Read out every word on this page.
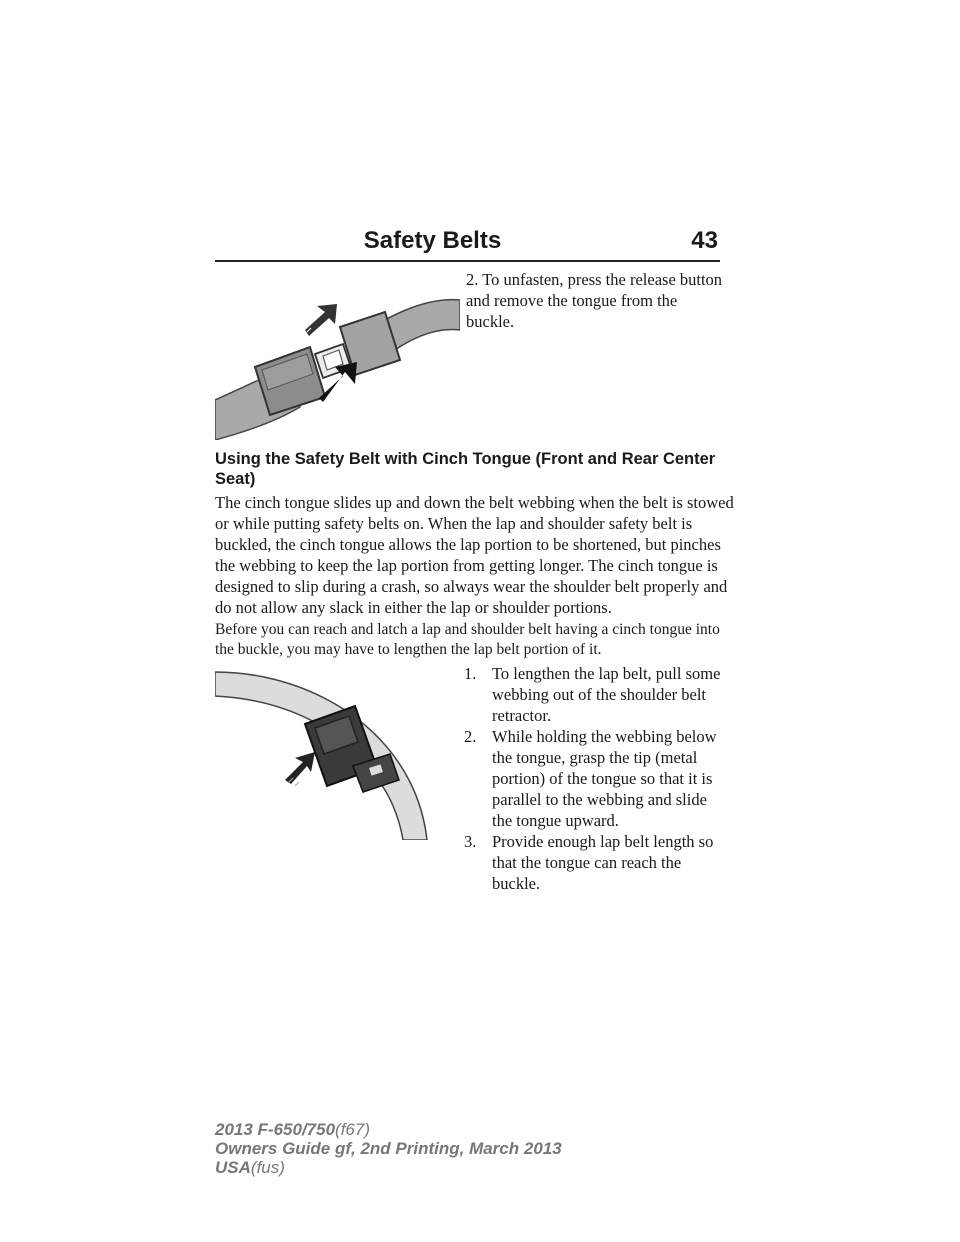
Safety Belts	43

2. To unfasten, press the release button and remove the tongue from the buckle.

Using the Safety Belt with Cinch Tongue (Front and Rear Center Seat)

The cinch tongue slides up and down the belt webbing when the belt is stowed or while putting safety belts on. When the lap and shoulder safety belt is buckled, the cinch tongue allows the lap portion to be shortened, but pinches the webbing to keep the lap portion from getting longer. The cinch tongue is designed to slip during a crash, so always wear the shoulder belt properly and do not allow any slack in either the lap or shoulder portions.

Before you can reach and latch a lap and shoulder belt having a cinch tongue into the buckle, you may have to lengthen the lap belt portion of it.

1. To lengthen the lap belt, pull some webbing out of the shoulder belt retractor.
2. While holding the webbing below the tongue, grasp the tip (metal portion) of the tongue so that it is parallel to the webbing and slide the tongue upward.
3. Provide enough lap belt length so that the tongue can reach the buckle.
2013 F-650/750(f67)
Owners Guide gf, 2nd Printing, March 2013
USA(fus)
